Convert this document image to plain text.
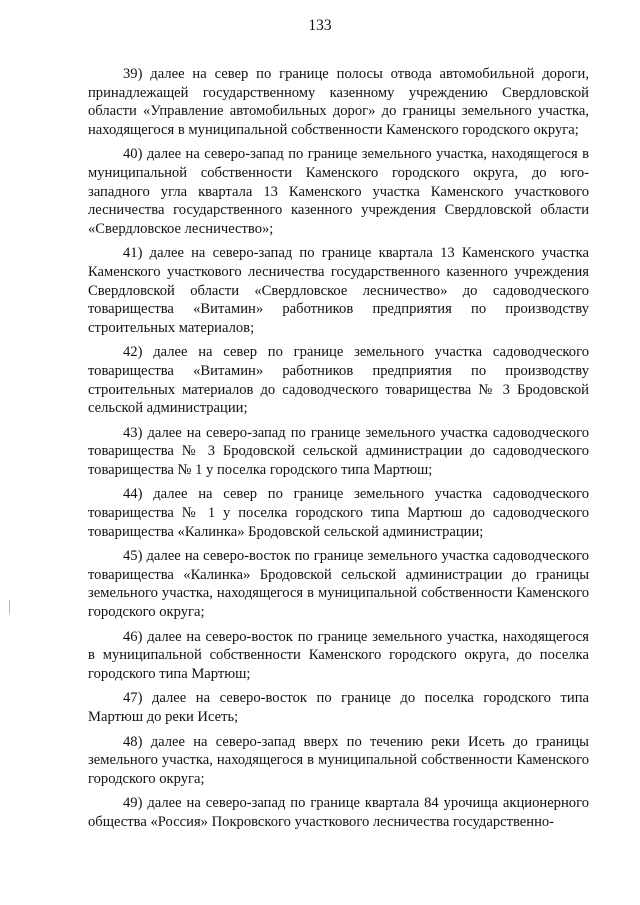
133

39) далее на север по границе полосы отвода автомобильной дороги, принадлежащей государственному казенному учреждению Свердловской области «Управление автомобильных дорог» до границы земельного участка, находящегося в муниципальной собственности Каменского городского округа;

40) далее на северо-запад по границе земельного участка, находящегося в муниципальной собственности Каменского городского округа, до юго-западного угла квартала 13 Каменского участка Каменского участкового лесничества государственного казенного учреждения Свердловской области «Свердловское лесничество»;

41) далее на северо-запад по границе квартала 13 Каменского участка Каменского участкового лесничества государственного казенного учреждения Свердловской области «Свердловское лесничество» до садоводческого товарищества «Витамин» работников предприятия по производству строительных материалов;

42) далее на север по границе земельного участка садоводческого товарищества «Витамин» работников предприятия по производству строительных материалов до садоводческого товарищества № 3 Бродовской сельской администрации;

43) далее на северо-запад по границе земельного участка садоводческого товарищества № 3 Бродовской сельской администрации до садоводческого товарищества № 1 у поселка городского типа Мартюш;

44) далее на север по границе земельного участка садоводческого товарищества № 1 у поселка городского типа Мартюш до садоводческого товарищества «Калинка» Бродовской сельской администрации;

45) далее на северо-восток по границе земельного участка садоводческого товарищества «Калинка» Бродовской сельской администрации до границы земельного участка, находящегося в муниципальной собственности Каменского городского округа;

46) далее на северо-восток по границе земельного участка, находящегося в муниципальной собственности Каменского городского округа, до поселка городского типа Мартюш;

47) далее на северо-восток по границе до поселка городского типа Мартюш до реки Исеть;

48) далее на северо-запад вверх по течению реки Исеть до границы земельного участка, находящегося в муниципальной собственности Каменского городского округа;

49) далее на северо-запад по границе квартала 84 урочища акционерного общества «Россия» Покровского участкового лесничества государственно-
